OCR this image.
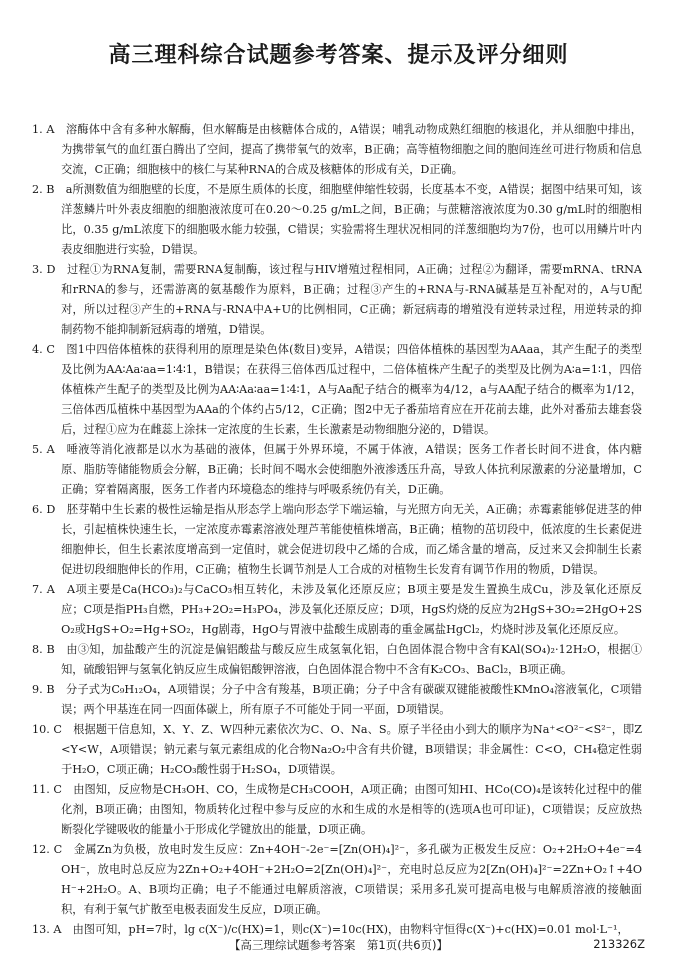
高三理科综合试题参考答案、提示及评分细则

1. A　溶酶体中含有多种水解酶，但水解酶是由核糖体合成的，A错误；哺乳动物成熟红细胞的核退化，并从细胞中排出，为携带氧气的血红蛋白腾出了空间，提高了携带氧气的效率，B正确；高等植物细胞之间的胞间连丝可进行物质和信息交流，C正确；细胞核中的核仁与某种RNA的合成及核糖体的形成有关，D正确。

2. B　a所测数值为细胞壁的长度，不是原生质体的长度，细胞壁伸缩性较弱，长度基本不变，A错误；据图中结果可知，该洋葱鳞片叶外表皮细胞的细胞液浓度可在0.20～0.25 g/mL之间，B正确；与蔗糖溶液浓度为0.30 g/mL时的细胞相比，0.35 g/mL浓度下的细胞吸水能力较强，C错误；实验需将生理状况相同的洋葱细胞均为7份，也可以用鳞片叶内表皮细胞进行实验，D错误。

3. D　过程①为RNA复制，需要RNA复制酶，该过程与HIV增殖过程相同，A正确；过程②为翻译，需要mRNA、tRNA和rRNA的参与，还需游离的氨基酸作为原料，B正确；过程③产生的+RNA与-RNA碱基是互补配对的，A与U配对，所以过程③产生的+RNA与-RNA中A+U的比例相同，C正确；新冠病毒的增殖没有逆转录过程，用逆转录的抑制药物不能抑制新冠病毒的增殖，D错误。

4. C　图1中四倍体植株的获得利用的原理是染色体(数目)变异，A错误；四倍体植株的基因型为AAaa，其产生配子的类型及比例为AA∶Aa∶aa=1∶4∶1，B错误；在获得三倍体西瓜过程中，二倍体植株产生配子的类型及比例为A∶a=1∶1，四倍体植株产生配子的类型及比例为AA∶Aa∶aa=1∶4∶1，A与Aa配子结合的概率为4/12，a与AA配子结合的概率为1/12，三倍体西瓜植株中基因型为AAa的个体约占5/12，C正确；图2中无子番茄培育应在开花前去雄，此外对番茄去雄套袋后，过程①应为在雌蕊上涂抹一定浓度的生长素，生长激素是动物细胞分泌的，D错误。

5. A　唾液等消化液都是以水为基础的液体，但属于外界环境，不属于体液，A错误；医务工作者长时间不进食，体内糖原、脂肪等储能物质会分解，B正确；长时间不喝水会使细胞外液渗透压升高，导致人体抗利尿激素的分泌量增加，C正确；穿着隔离服，医务工作者内环境稳态的维持与呼吸系统仍有关，D正确。

6. D　胚芽鞘中生长素的极性运输是指从形态学上端向形态学下端运输，与光照方向无关，A正确；赤霉素能够促进茎的伸长，引起植株快速生长，一定浓度赤霉素溶液处理芦苇能使植株增高，B正确；植物的茁切段中，低浓度的生长素促进细胞伸长，但生长素浓度增高到一定值时，就会促进切段中乙烯的合成，而乙烯含量的增高，反过来又会抑制生长素促进切段细胞伸长的作用，C正确；植物生长调节剂是人工合成的对植物生长发育有调节作用的物质，D错误。

7. A　A项主要是Ca(HCO₃)₂与CaCO₃相互转化，未涉及氧化还原反应；B项主要是发生置换生成Cu，涉及氧化还原反应；C项是指PH₃自燃，PH₃+2O₂=H₃PO₄，涉及氧化还原反应；D项，HgS灼烧的反应为2HgS+3O₂=2HgO+2SO₂或HgS+O₂=Hg+SO₂，Hg剧毒，HgO与胃液中盐酸生成剧毒的重金属盐HgCl₂，灼烧时涉及氧化还原反应。

8. B　由③知，加盐酸产生的沉淀是偏铝酸盐与酸反应生成氢氧化铝，白色固体混合物中含有KAl(SO₄)₂·12H₂O，根据①知，硫酸铝钾与氢氧化钠反应生成偏铝酸钾溶液，白色固体混合物中不含有K₂CO₃、BaCl₂，B项正确。

9. B　分子式为C₉H₁₂O₄，A项错误；分子中含有羧基，B项正确；分子中含有碳碳双键能被酸性KMnO₄溶液氧化，C项错误；两个甲基连在同一四面体碳上，所有原子不可能处于同一平面，D项错误。

10. C　根据题干信息知，X、Y、Z、W四种元素依次为C、O、Na、S。原子半径由小到大的顺序为Na⁺<O²⁻<S²⁻，即Z<Y<W，A项错误；钠元素与氧元素组成的化合物Na₂O₂中含有共价键，B项错误；非金属性：C<O，CH₄稳定性弱于H₂O，C项正确；H₂CO₃酸性弱于H₂SO₄，D项错误。

11. C　由图知，反应物是CH₃OH、CO，生成物是CH₃COOH，A项正确；由图可知HI、HCo(CO)₄是该转化过程中的催化剂，B项正确；由图知，物质转化过程中参与反应的水和生成的水是相等的(选项A也可印证)，C项错误；反应放热断裂化学键吸收的能量小于形成化学键放出的能量，D项正确。

12. C　金属Zn为负极，放电时发生反应：Zn+4OH⁻-2e⁻=[Zn(OH)₄]²⁻，多孔碳为正极发生反应：O₂+2H₂O+4e⁻=4OH⁻，放电时总反应为2Zn+O₂+4OH⁻+2H₂O=2[Zn(OH)₄]²⁻，充电时总反应为2[Zn(OH)₄]²⁻=2Zn+O₂↑+4OH⁻+2H₂O。A、B项均正确；电子不能通过电解质溶液，C项错误；采用多孔炭可提高电极与电解质溶液的接触面积，有利于氧气扩散至电极表面发生反应，D项正确。

13. A　由图可知，pH=7时，lg c(X⁻)/c(HX)=1，则c(X⁻)=10c(HX)，由物料守恒得c(X⁻)+c(HX)=0.01 mol·L⁻¹，

【高三理综试题参考答案　第1页(共6页)】	213326Z
